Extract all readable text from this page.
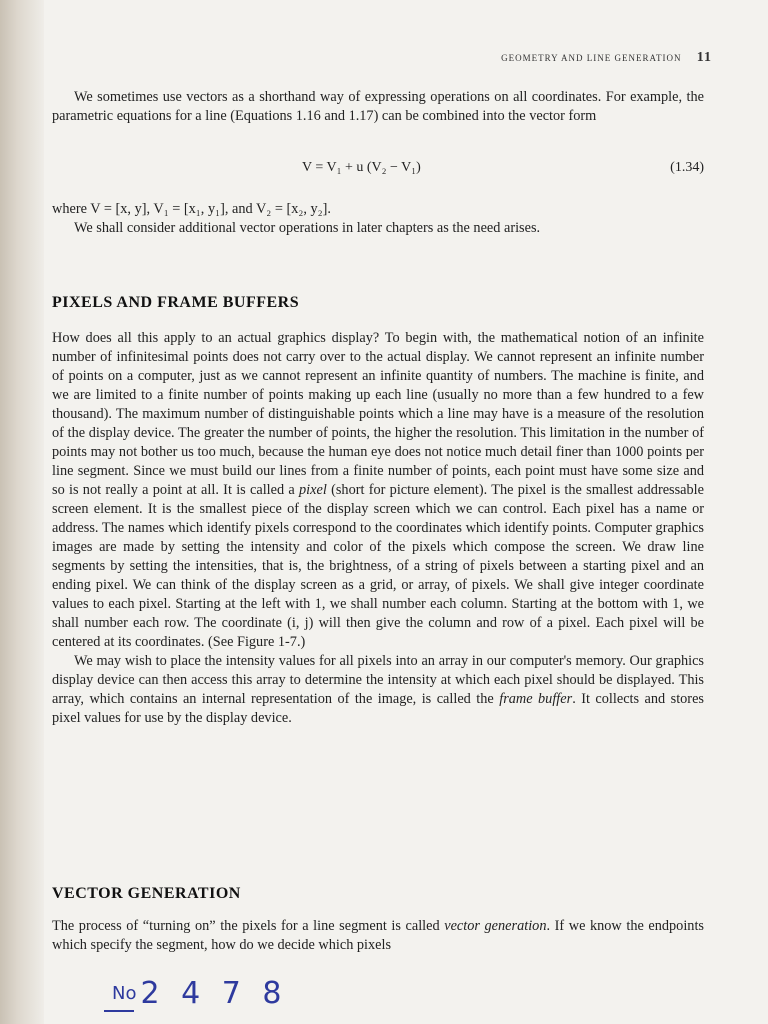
GEOMETRY AND LINE GENERATION 11

We sometimes use vectors as a shorthand way of expressing operations on all coordinates. For example, the parametric equations for a line (Equations 1.16 and 1.17) can be combined into the vector form

V = V₁ + u (V₂ − V₁)	(1.34)

where V = [x, y], V₁ = [x₁, y₁], and V₂ = [x₂, y₂].

We shall consider additional vector operations in later chapters as the need arises.

PIXELS AND FRAME BUFFERS

How does all this apply to an actual graphics display? To begin with, the mathematical notion of an infinite number of infinitesimal points does not carry over to the actual display. We cannot represent an infinite number of points on a computer, just as we cannot represent an infinite quantity of numbers. The machine is finite, and we are limited to a finite number of points making up each line (usually no more than a few hundred to a few thousand). The maximum number of distinguishable points which a line may have is a measure of the resolution of the display device. The greater the number of points, the higher the resolution. This limitation in the number of points may not bother us too much, because the human eye does not notice much detail finer than 1000 points per line segment. Since we must build our lines from a finite number of points, each point must have some size and so is not really a point at all. It is called a pixel (short for picture element). The pixel is the smallest addressable screen element. It is the smallest piece of the display screen which we can control. Each pixel has a name or address. The names which identify pixels correspond to the coordinates which identify points. Computer graphics images are made by setting the intensity and color of the pixels which compose the screen. We draw line segments by setting the intensities, that is, the brightness, of a string of pixels between a starting pixel and an ending pixel. We can think of the display screen as a grid, or array, of pixels. We shall give integer coordinate values to each pixel. Starting at the left with 1, we shall number each column. Starting at the bottom with 1, we shall number each row. The coordinate (i, j) will then give the column and row of a pixel. Each pixel will be centered at its coordinates. (See Figure 1-7.)

We may wish to place the intensity values for all pixels into an array in our computer's memory. Our graphics display device can then access this array to determine the intensity at which each pixel should be displayed. This array, which contains an internal representation of the image, is called the frame buffer. It collects and stores pixel values for use by the display device.

VECTOR GENERATION

The process of “turning on” the pixels for a line segment is called vector generation. If we know the endpoints which specify the segment, how do we decide which pixels

No 2 4 7 8
